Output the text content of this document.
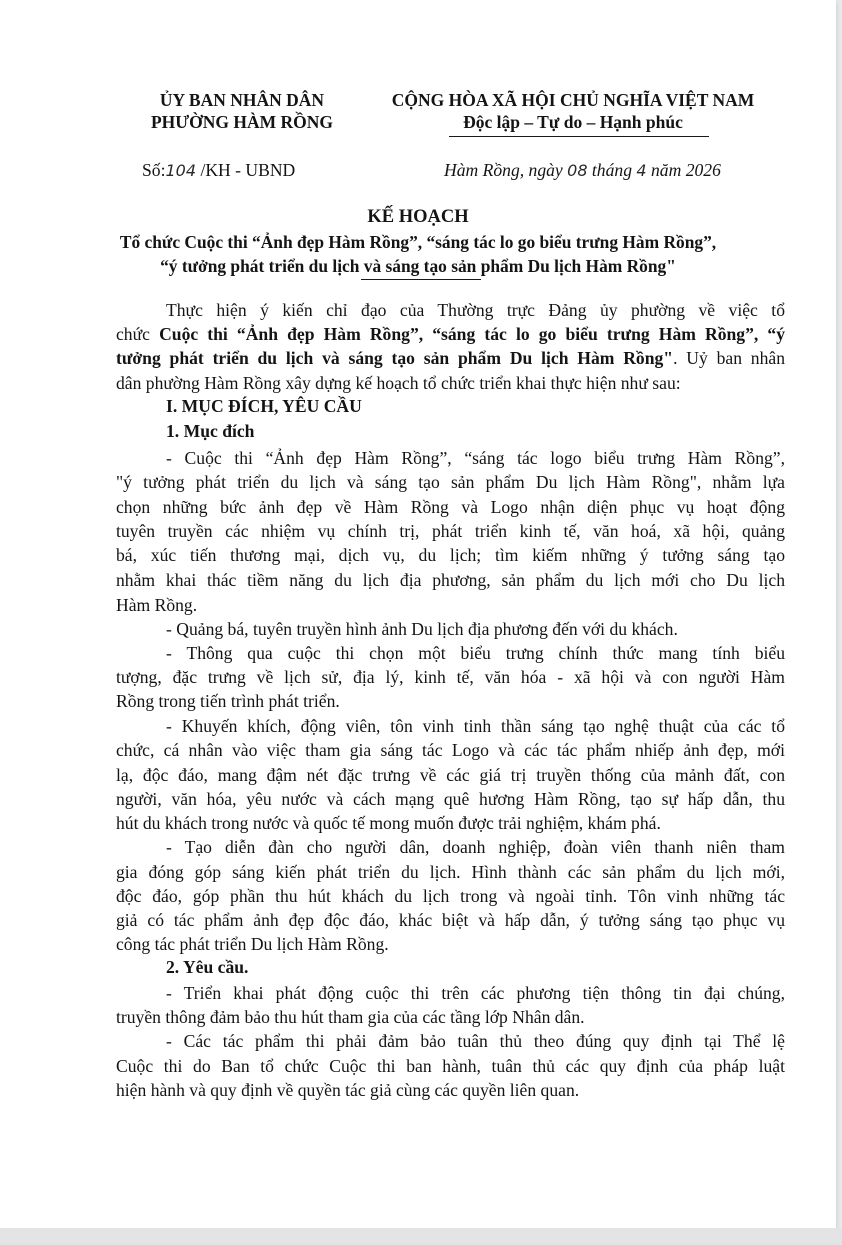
ỦY BAN NHÂN DÂN
PHƯỜNG HÀM RỒNG
CỘNG HÒA XÃ HỘI CHỦ NGHĨA VIỆT NAM
Độc lập – Tự do – Hạnh phúc
Số:104 /KH - UBND	Hàm Rồng, ngày 08 tháng 4 năm 2026
KẾ HOẠCH
Tổ chức Cuộc thi “Ảnh đẹp Hàm Rồng”, “sáng tác lo go biểu trưng Hàm Rồng”,
“ý tưởng phát triển du lịch và sáng tạo sản phẩm Du lịch Hàm Rồng"
Thực hiện ý kiến chỉ đạo của Thường trực Đảng ủy phường về việc tổ
chức Cuộc thi “Ảnh đẹp Hàm Rồng”, “sáng tác lo go biểu trưng Hàm Rồng”, “ý
tưởng phát triển du lịch và sáng tạo sản phẩm Du lịch Hàm Rồng". Uỷ ban nhân
dân phường Hàm Rồng xây dựng kế hoạch tổ chức triển khai thực hiện như sau:
I. MỤC ĐÍCH, YÊU CẦU
1. Mục đích
- Cuộc thi “Ảnh đẹp Hàm Rồng”, “sáng tác logo biểu trưng Hàm Rồng”,
"ý tưởng phát triển du lịch và sáng tạo sản phẩm Du lịch Hàm Rồng", nhằm lựa
chọn những bức ảnh đẹp về Hàm Rồng và Logo nhận diện phục vụ hoạt động
tuyên truyền các nhiệm vụ chính trị, phát triển kinh tế, văn hoá, xã hội, quảng
bá, xúc tiến thương mại, dịch vụ, du lịch; tìm kiếm những ý tưởng sáng tạo
nhằm khai thác tiềm năng du lịch địa phương, sản phẩm du lịch mới cho Du lịch
Hàm Rồng.
- Quảng bá, tuyên truyền hình ảnh Du lịch địa phương đến với du khách.
- Thông qua cuộc thi chọn một biểu trưng chính thức mang tính biểu
tượng, đặc trưng về lịch sử, địa lý, kinh tế, văn hóa - xã hội và con người Hàm
Rồng trong tiến trình phát triển.
- Khuyến khích, động viên, tôn vinh tinh thần sáng tạo nghệ thuật của các tổ
chức, cá nhân vào việc tham gia sáng tác Logo và các tác phẩm nhiếp ảnh đẹp, mới
lạ, độc đáo, mang đậm nét đặc trưng về các giá trị truyền thống của mảnh đất, con
người, văn hóa, yêu nước và cách mạng quê hương Hàm Rồng, tạo sự hấp dẫn, thu
hút du khách trong nước và quốc tế mong muốn được trải nghiệm, khám phá.
- Tạo diễn đàn cho người dân, doanh nghiệp, đoàn viên thanh niên tham
gia đóng góp sáng kiến phát triển du lịch. Hình thành các sản phẩm du lịch mới,
độc đáo, góp phần thu hút khách du lịch trong và ngoài tỉnh. Tôn vinh những tác
giả có tác phẩm ảnh đẹp độc đáo, khác biệt và hấp dẫn, ý tưởng sáng tạo phục vụ
công tác phát triển Du lịch Hàm Rồng.
2. Yêu cầu.
- Triển khai phát động cuộc thi trên các phương tiện thông tin đại chúng,
truyền thông đảm bảo thu hút tham gia của các tầng lớp Nhân dân.
- Các tác phẩm thi phải đảm bảo tuân thủ theo đúng quy định tại Thể lệ
Cuộc thi do Ban tổ chức Cuộc thi ban hành, tuân thủ các quy định của pháp luật
hiện hành và quy định về quyền tác giả cùng các quyền liên quan.
